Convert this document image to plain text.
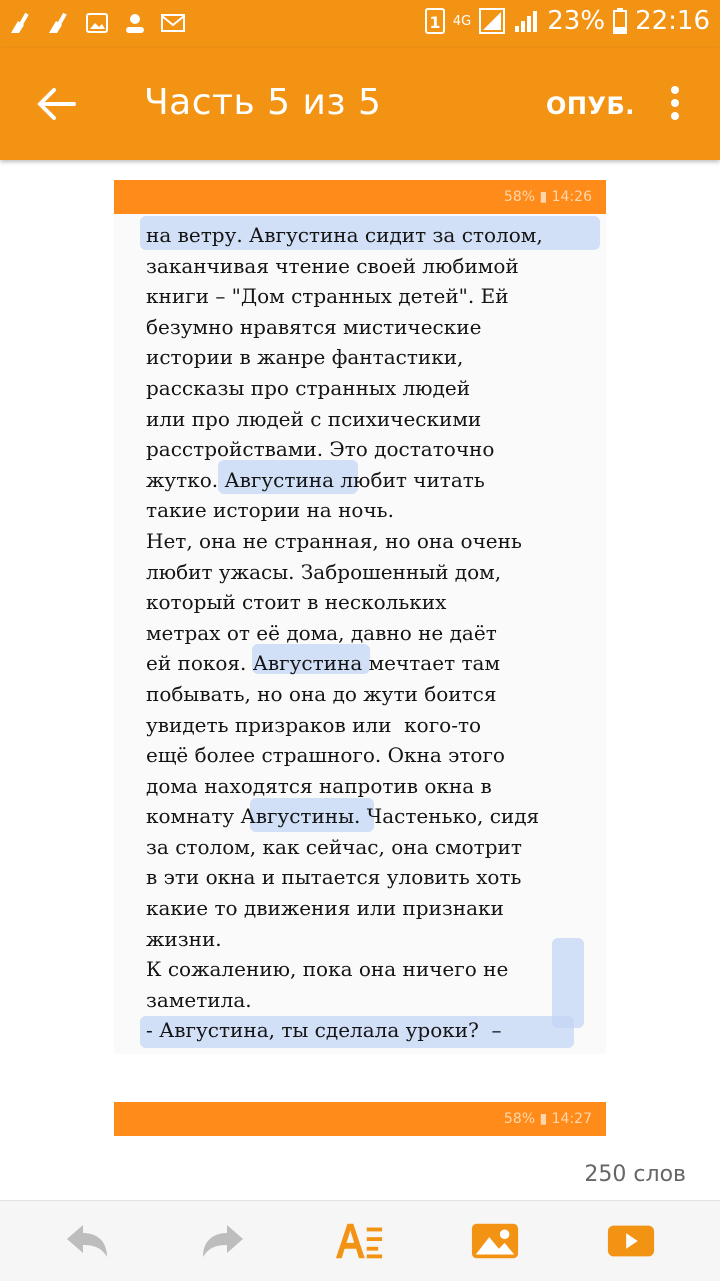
1 4G	23% 22:16
Часть 5 из 5	ОПУБ.
58% ▮ 14:26
на ветру. Августина сидит за столом,
заканчивая чтение своей любимой
книги – "Дом странных детей". Ей
безумно нравятся мистические
истории в жанре фантастики,
рассказы про странных людей
или про людей с психическими
расстройствами. Это достаточно
жутко. Августина любит читать
такие истории на ночь.
Нет, она не странная, но она очень
любит ужасы. Заброшенный дом,
который стоит в нескольких
метрах от её дома, давно не даёт
ей покоя. Августина мечтает там
побывать, но она до жути боится
увидеть призраков или  кого-то
ещё более страшного. Окна этого
дома находятся напротив окна в
комнату Августины. Частенько, сидя
за столом, как сейчас, она смотрит
в эти окна и пытается уловить хоть
какие то движения или признаки
жизни.
К сожалению, пока она ничего не
заметила.
- Августина, ты сделала уроки?  –
58% ▮ 14:27
250 слов
